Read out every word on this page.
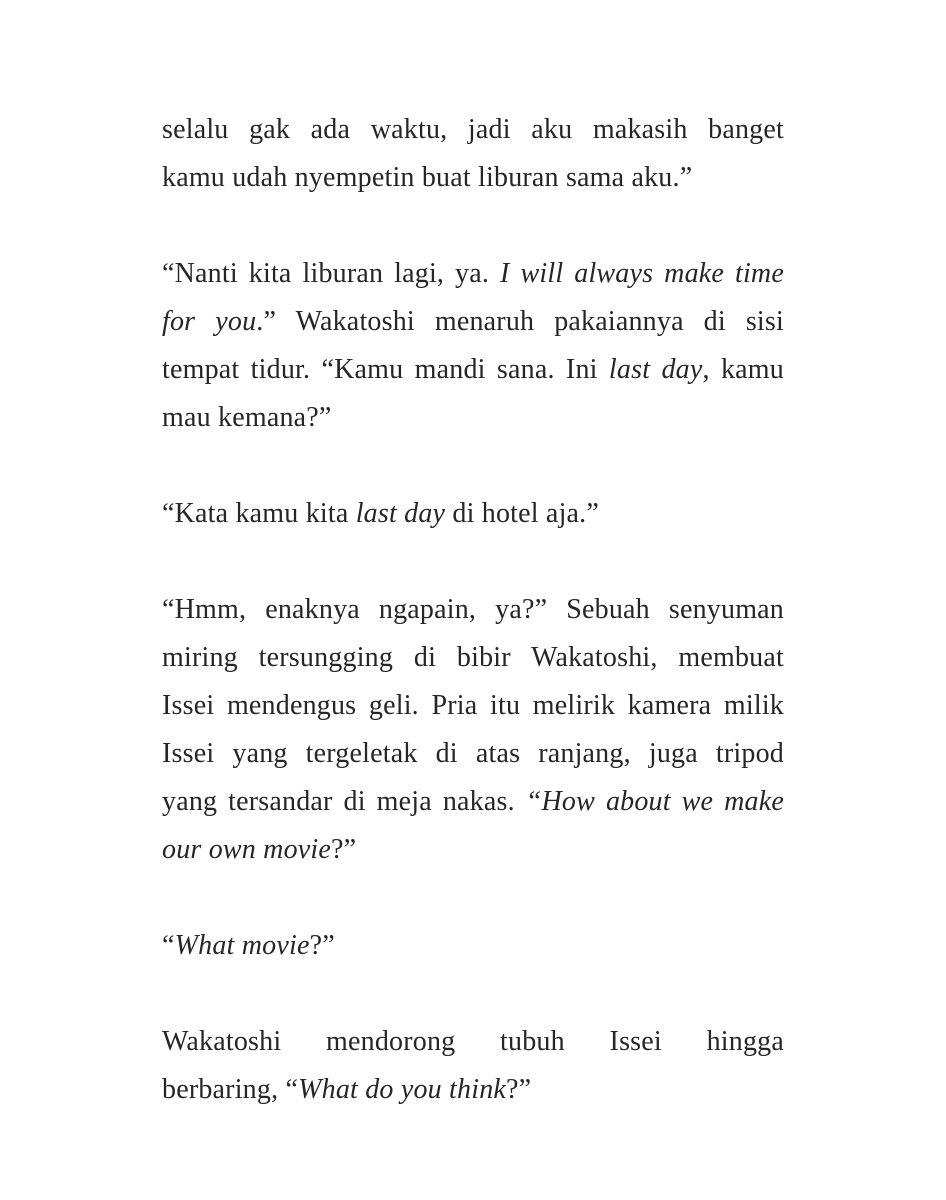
selalu gak ada waktu, jadi aku makasih banget
kamu udah nyempetin buat liburan sama aku.”
“Nanti kita liburan lagi, ya. I will always make time
for you.” Wakatoshi menaruh pakaiannya di sisi
tempat tidur. “Kamu mandi sana. Ini last day, kamu
mau kemana?”
“Kata kamu kita last day di hotel aja.”
“Hmm, enaknya ngapain, ya?” Sebuah senyuman
miring tersungging di bibir Wakatoshi, membuat
Issei mendengus geli. Pria itu melirik kamera milik
Issei yang tergeletak di atas ranjang, juga tripod
yang tersandar di meja nakas. “How about we make
our own movie?”
“What movie?”
Wakatoshi mendorong tubuh Issei hingga
berbaring, “What do you think?”
